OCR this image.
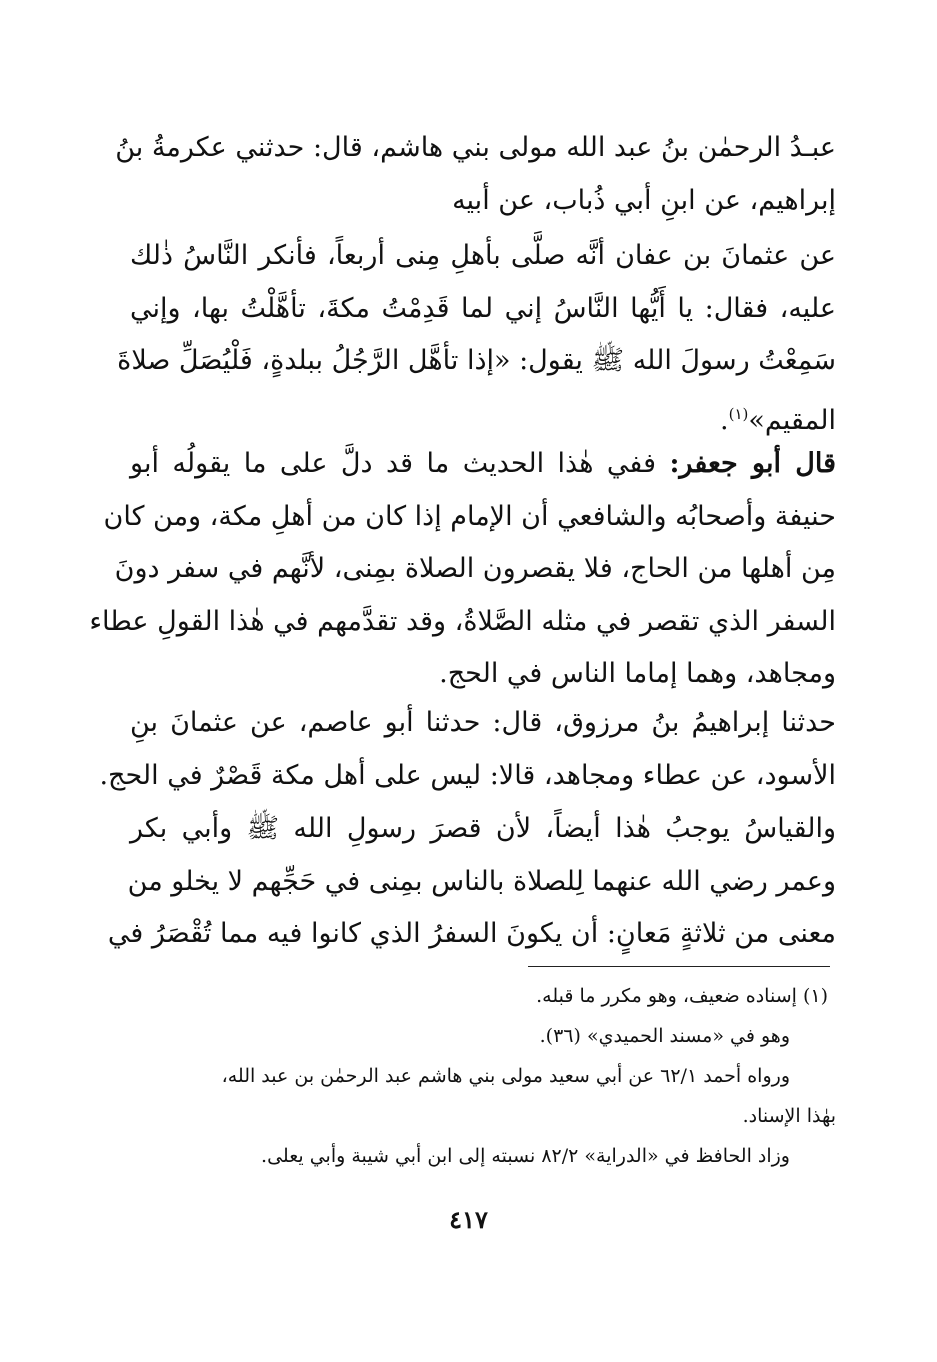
عبـدُ الرحمٰن بنُ عبد الله مولى بني هاشم، قال: حدثني عكرمةُ بنُ
إبراهيم، عن ابنِ أبي ذُباب، عن أبيه
عن عثمانَ بن عفان أنَّه صلَّى بأهلِ مِنى أربعاً، فأنكر النَّاسُ ذٰلك
عليه، فقال: يا أَيُّها النَّاسُ إني لما قَدِمْتُ مكةَ، تأهَّلْتُ بها، وإني
سَمِعْتُ رسولَ الله ﷺ يقول: «إذا تأهَّل الرَّجُلُ ببلدةٍ، فَلْيُصَلِّ صلاةَ
المقيم»$^{(١)}$.
قال أبو جعفر: ففي هٰذا الحديث ما قد دلَّ على ما يقولُه أبو
حنيفة وأصحابُه والشافعي أن الإمام إذا كان من أهلِ مكة، ومن كان
مِن أهلها من الحاج، فلا يقصرون الصلاة بمِنى، لأنَّهم في سفر دونَ
السفر الذي تقصر في مثله الصَّلاةُ، وقد تقدَّمهم في هٰذا القولِ عطاء
ومجاهد، وهما إماما الناس في الحج.
حدثنا إبراهيمُ بنُ مرزوق، قال: حدثنا أبو عاصم، عن عثمانَ بنِ
الأسود، عن عطاء ومجاهد، قالا: ليس على أهل مكة قَصْرٌ في الحج.
والقياسُ يوجبُ هٰذا أيضاً، لأن قصرَ رسولِ الله ﷺ وأبي بكر
وعمر رضي الله عنهما لِلصلاة بالناس بمِنى في حَجِّهم لا يخلو من
معنى من ثلاثةٍ مَعانٍ: أن يكونَ السفرُ الذي كانوا فيه مما تُقْصَرُ في
(١) إسناده ضعيف، وهو مكرر ما قبله.
وهو في «مسند الحميدي» (٣٦).
ورواه أحمد ٦٢/١ عن أبي سعيد مولى بني هاشم عبد الرحمٰن بن عبد الله،
بهٰذا الإسناد.
وزاد الحافظ في «الدراية» ٨٢/٢ نسبته إلى ابن أبي شيبة وأبي يعلى.
٤١٧
